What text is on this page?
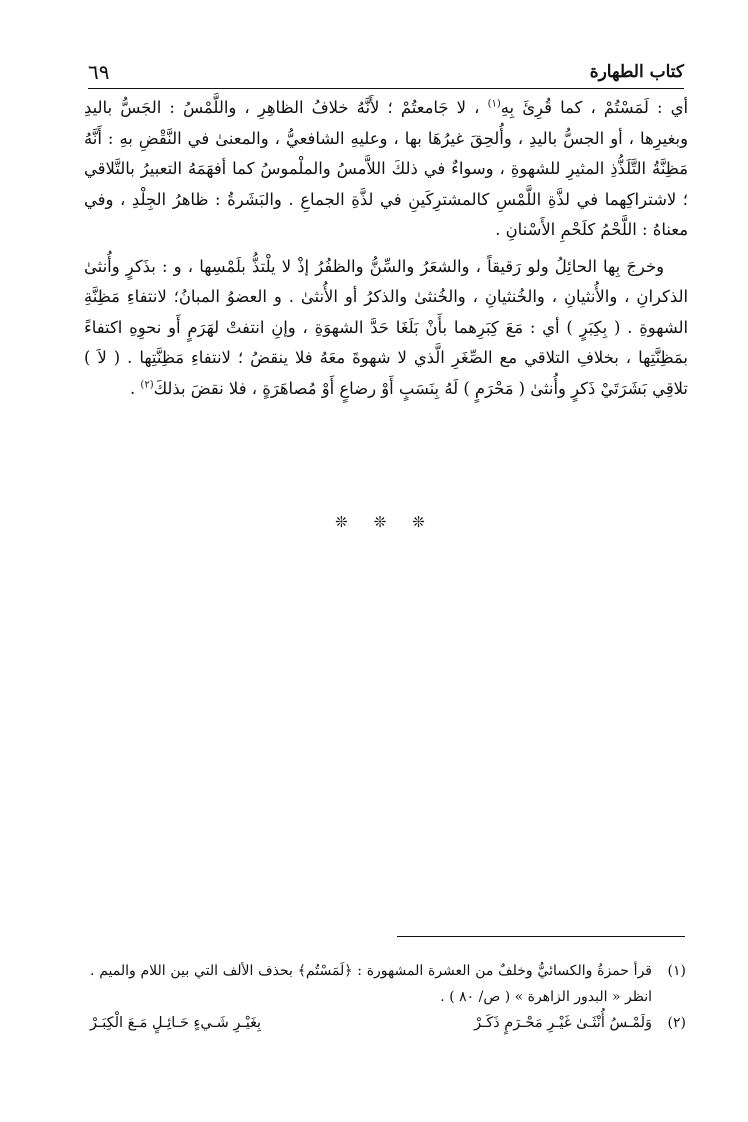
كتاب الطهارة
٦٩

أي : لَمَسْتُمْ ، كما قُرِئَ بِهِ$^{(١)}$ ، لا جَامعتُمْ ؛ لأَنَّهُ خلافُ الظاهِرِ ، واللَّمْسُ : الجَسُّ باليدِ وبغيرِها ، أو الجسُّ باليدِ ، وأُلحِقَ غيرُهَا بها ، وعليهِ الشافعيُّ ، والمعنىٰ في النَّقْضِ بهِ : أَنَّهُ مَظِنَّةُ التَّلَذُّذِ المثيرِ للشهوةِ ، وسواءٌ في ذلكَ اللاَّمسُ والملْموسُ كما أفهَمَهُ التعبيرُ بالتَّلاقي ؛ لاشتراكِهما في لذَّةِ اللَّمْسِ كالمشترِكَينِ في لذَّةِ الجماعِ . والبَشَرةُ : ظاهرُ الجِلْدِ ، وفي معناهُ : اللَّحْمُ كلَحْمِ الأَسْنانِ .

وخرجَ بِها الحائِلُ ولو رَقيقاً ، والشعَرُ والسِّنُّ والظفُرُ إذْ لا يلْتذُّ بلَمْسِها ، و : بذَكرٍ وأُنثىٰ الذكرانِ ، والأُنثيانِ ، والخُنثيانِ ، والخُنثىٰ والذكرُ أو الأُنثىٰ . و العضوُ المبانُ؛ لانتفاءِ مَظِنَّةِ الشهوةِ . ( بِكِبَرٍ ) أي : مَعَ كِبَرِهما بأَنْ بَلَغَا حَدَّ الشهوَةِ ، وإنِ انتفتْ لهَرَمٍ أَو نحوِهِ اكتفاءً بمَظِنَّتِها ، بخلافِ التلاقي مع الصِّغَرِ الَّذي لا شهوةَ معَهُ فلا ينقضُ ؛ لانتفاءِ مَظِنَّتِها . ( لاَ ) تلاقِي بَشَرَتَيْ ذَكرٍ وأُنثىٰ ( مَحْرَمٍ ) لَهُ بِنَسَبٍ أَوْ رضاعٍ أَوْ مُصاهَرَةٍ ، فلا نقضَ بذلكَ$^{(٢)}$ .

❊
❊
❊
(١)
قرأ حمزةُ والكسائيُّ وخلفٌ من العشرة المشهورة : ﴿لَمَسْتُم﴾ بحذف الألف التي بين اللام والميم . انظر « البدور الزاهرة » ( ص/ ٨٠ ) .
(٢)
وَلَمْـسُ أُنْثَـىٰ غَيْـرِ مَحْـرَمٍ ذَكَـرْ
بِغَيْـرِ شَـيءٍ حَـائِـلٍ مَـعَ الْكِبَـرْ
